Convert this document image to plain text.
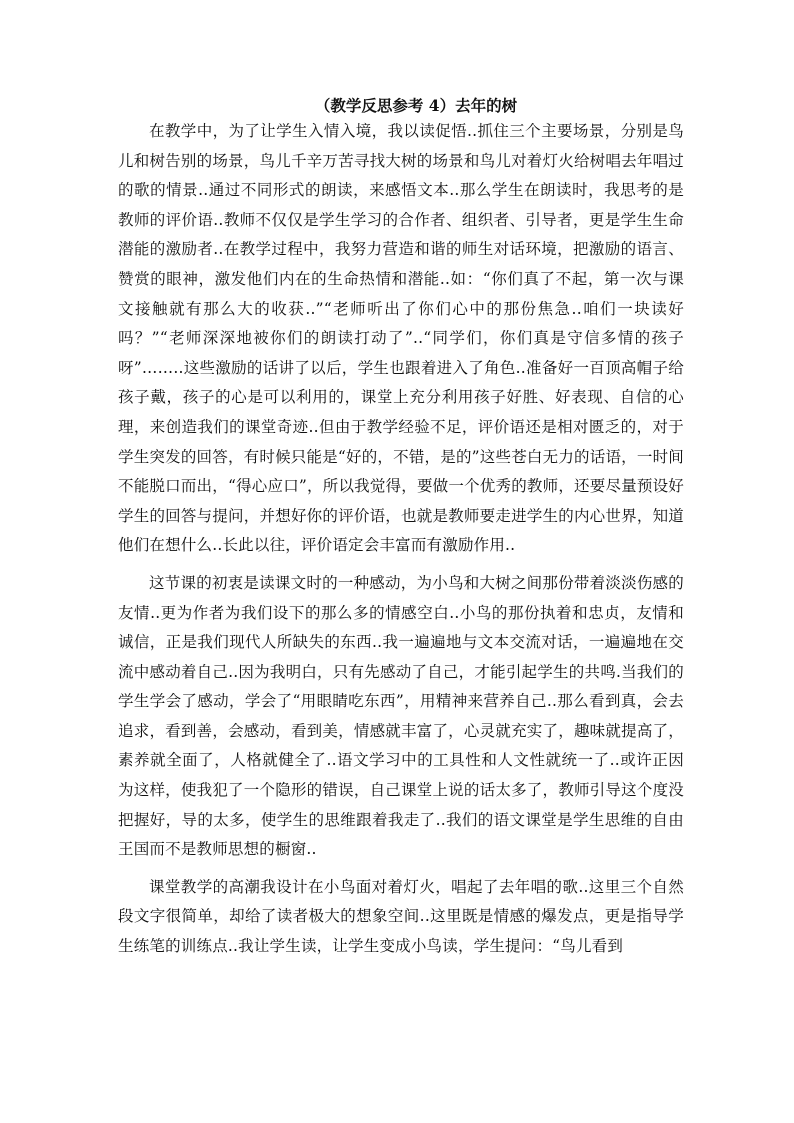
（教学反思参考 4）去年的树

在教学中，为了让学生入情入境，我以读促悟..抓住三个主要场景，分别是鸟儿和树告别的场景，鸟儿千辛万苦寻找大树的场景和鸟儿对着灯火给树唱去年唱过的歌的情景..通过不同形式的朗读，来感悟文本..那么学生在朗读时，我思考的是教师的评价语..教师不仅仅是学生学习的合作者、组织者、引导者，更是学生生命潜能的激励者..在教学过程中，我努力营造和谐的师生对话环境，把激励的语言、赞赏的眼神，激发他们内在的生命热情和潜能..如：“你们真了不起，第一次与课文接触就有那么大的收获..”“老师听出了你们心中的那份焦急..咱们一块读好吗？”“老师深深地被你们的朗读打动了”..“同学们，你们真是守信多情的孩子呀”……..这些激励的话讲了以后，学生也跟着进入了角色..准备好一百顶高帽子给孩子戴，孩子的心是可以利用的，课堂上充分利用孩子好胜、好表现、自信的心理，来创造我们的课堂奇迹..但由于教学经验不足，评价语还是相对匮乏的，对于学生突发的回答，有时候只能是“好的，不错，是的”这些苍白无力的话语，一时间不能脱口而出，“得心应口”，所以我觉得，要做一个优秀的教师，还要尽量预设好学生的回答与提问，并想好你的评价语，也就是教师要走进学生的内心世界，知道他们在想什么..长此以往，评价语定会丰富而有激励作用..

这节课的初衷是读课文时的一种感动，为小鸟和大树之间那份带着淡淡伤感的友情..更为作者为我们设下的那么多的情感空白..小鸟的那份执着和忠贞，友情和诚信，正是我们现代人所缺失的东西..我一遍遍地与文本交流对话，一遍遍地在交流中感动着自己..因为我明白，只有先感动了自己，才能引起学生的共鸣.当我们的学生学会了感动，学会了“用眼睛吃东西”，用精神来营养自己..那么看到真，会去追求，看到善，会感动，看到美，情感就丰富了，心灵就充实了，趣味就提高了，素养就全面了，人格就健全了..语文学习中的工具性和人文性就统一了..或许正因为这样，使我犯了一个隐形的错误，自己课堂上说的话太多了，教师引导这个度没把握好，导的太多，使学生的思维跟着我走了..我们的语文课堂是学生思维的自由王国而不是教师思想的橱窗..

课堂教学的高潮我设计在小鸟面对着灯火，唱起了去年唱的歌..这里三个自然段文字很简单，却给了读者极大的想象空间..这里既是情感的爆发点，更是指导学生练笔的训练点..我让学生读，让学生变成小鸟读，学生提问：“鸟儿看到
